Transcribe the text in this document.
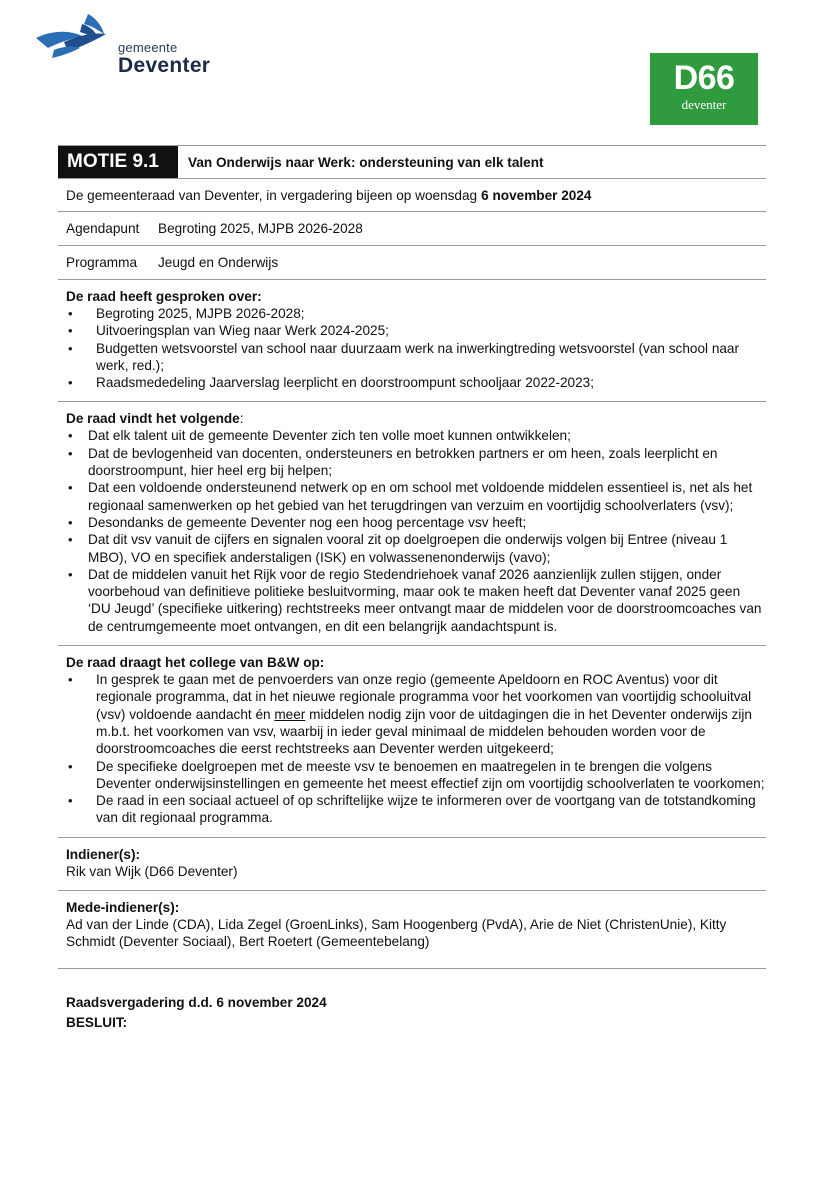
gemeente
Deventer	D66
deventer
MOTIE 9.1	Van Onderwijs naar Werk: ondersteuning van elk talent
De gemeenteraad van Deventer, in vergadering bijeen op woensdag 6 november 2024
Agendapunt	Begroting 2025, MJPB 2026-2028
Programma	Jeugd en Onderwijs
De raad heeft gesproken over:
• Begroting 2025, MJPB 2026-2028;
• Uitvoeringsplan van Wieg naar Werk 2024-2025;
• Budgetten wetsvoorstel van school naar duurzaam werk na inwerkingtreding wetsvoorstel (van school naar werk, red.);
• Raadsmededeling Jaarverslag leerplicht en doorstroompunt schooljaar 2022-2023;
De raad vindt het volgende:
• Dat elk talent uit de gemeente Deventer zich ten volle moet kunnen ontwikkelen;
• Dat de bevlogenheid van docenten, ondersteuners en betrokken partners er om heen, zoals leerplicht en doorstroompunt, hier heel erg bij helpen;
• Dat een voldoende ondersteunend netwerk op en om school met voldoende middelen essentieel is, net als het regionaal samenwerken op het gebied van het terugdringen van verzuim en voortijdig schoolverlaters (vsv);
• Desondanks de gemeente Deventer nog een hoog percentage vsv heeft;
• Dat dit vsv vanuit de cijfers en signalen vooral zit op doelgroepen die onderwijs volgen bij Entree (niveau 1 MBO), VO en specifiek anderstaligen (ISK) en volwassenenonderwijs (vavo);
• Dat de middelen vanuit het Rijk voor de regio Stedendriehoek vanaf 2026 aanzienlijk zullen stijgen, onder voorbehoud van definitieve politieke besluitvorming, maar ook te maken heeft dat Deventer vanaf 2025 geen ‘DU Jeugd’ (specifieke uitkering) rechtstreeks meer ontvangt maar de middelen voor de doorstroomcoaches van de centrumgemeente moet ontvangen, en dit een belangrijk aandachtspunt is.
De raad draagt het college van B&W op:
• In gesprek te gaan met de penvoerders van onze regio (gemeente Apeldoorn en ROC Aventus) voor dit regionale programma, dat in het nieuwe regionale programma voor het voorkomen van voortijdig schooluitval (vsv) voldoende aandacht én meer middelen nodig zijn voor de uitdagingen die in het Deventer onderwijs zijn m.b.t. het voorkomen van vsv, waarbij in ieder geval minimaal de middelen behouden worden voor de doorstroomcoaches die eerst rechtstreeks aan Deventer werden uitgekeerd;
• De specifieke doelgroepen met de meeste vsv te benoemen en maatregelen in te brengen die volgens Deventer onderwijsinstellingen en gemeente het meest effectief zijn om voortijdig schoolverlaten te voorkomen;
• De raad in een sociaal actueel of op schriftelijke wijze te informeren over de voortgang van de totstandkoming van dit regionaal programma.
Indiener(s):
Rik van Wijk (D66 Deventer)
Mede-indiener(s):
Ad van der Linde (CDA), Lida Zegel (GroenLinks), Sam Hoogenberg (PvdA), Arie de Niet (ChristenUnie), Kitty Schmidt (Deventer Sociaal), Bert Roetert (Gemeentebelang)
Raadsvergadering d.d. 6 november 2024
BESLUIT:
